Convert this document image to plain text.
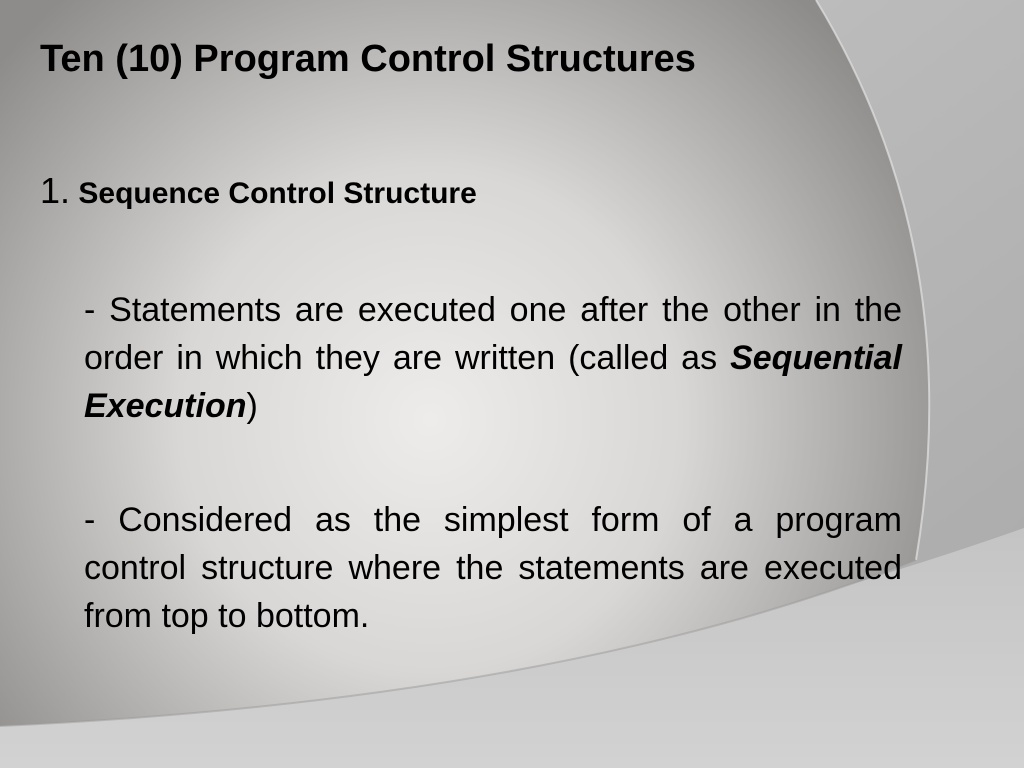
Ten (10) Program Control Structures

1. Sequence Control Structure

- Statements are executed one after the other in the order in which they are written (called as Sequential Execution)

- Considered as the simplest form of a program control structure where the statements are executed from top to bottom.
